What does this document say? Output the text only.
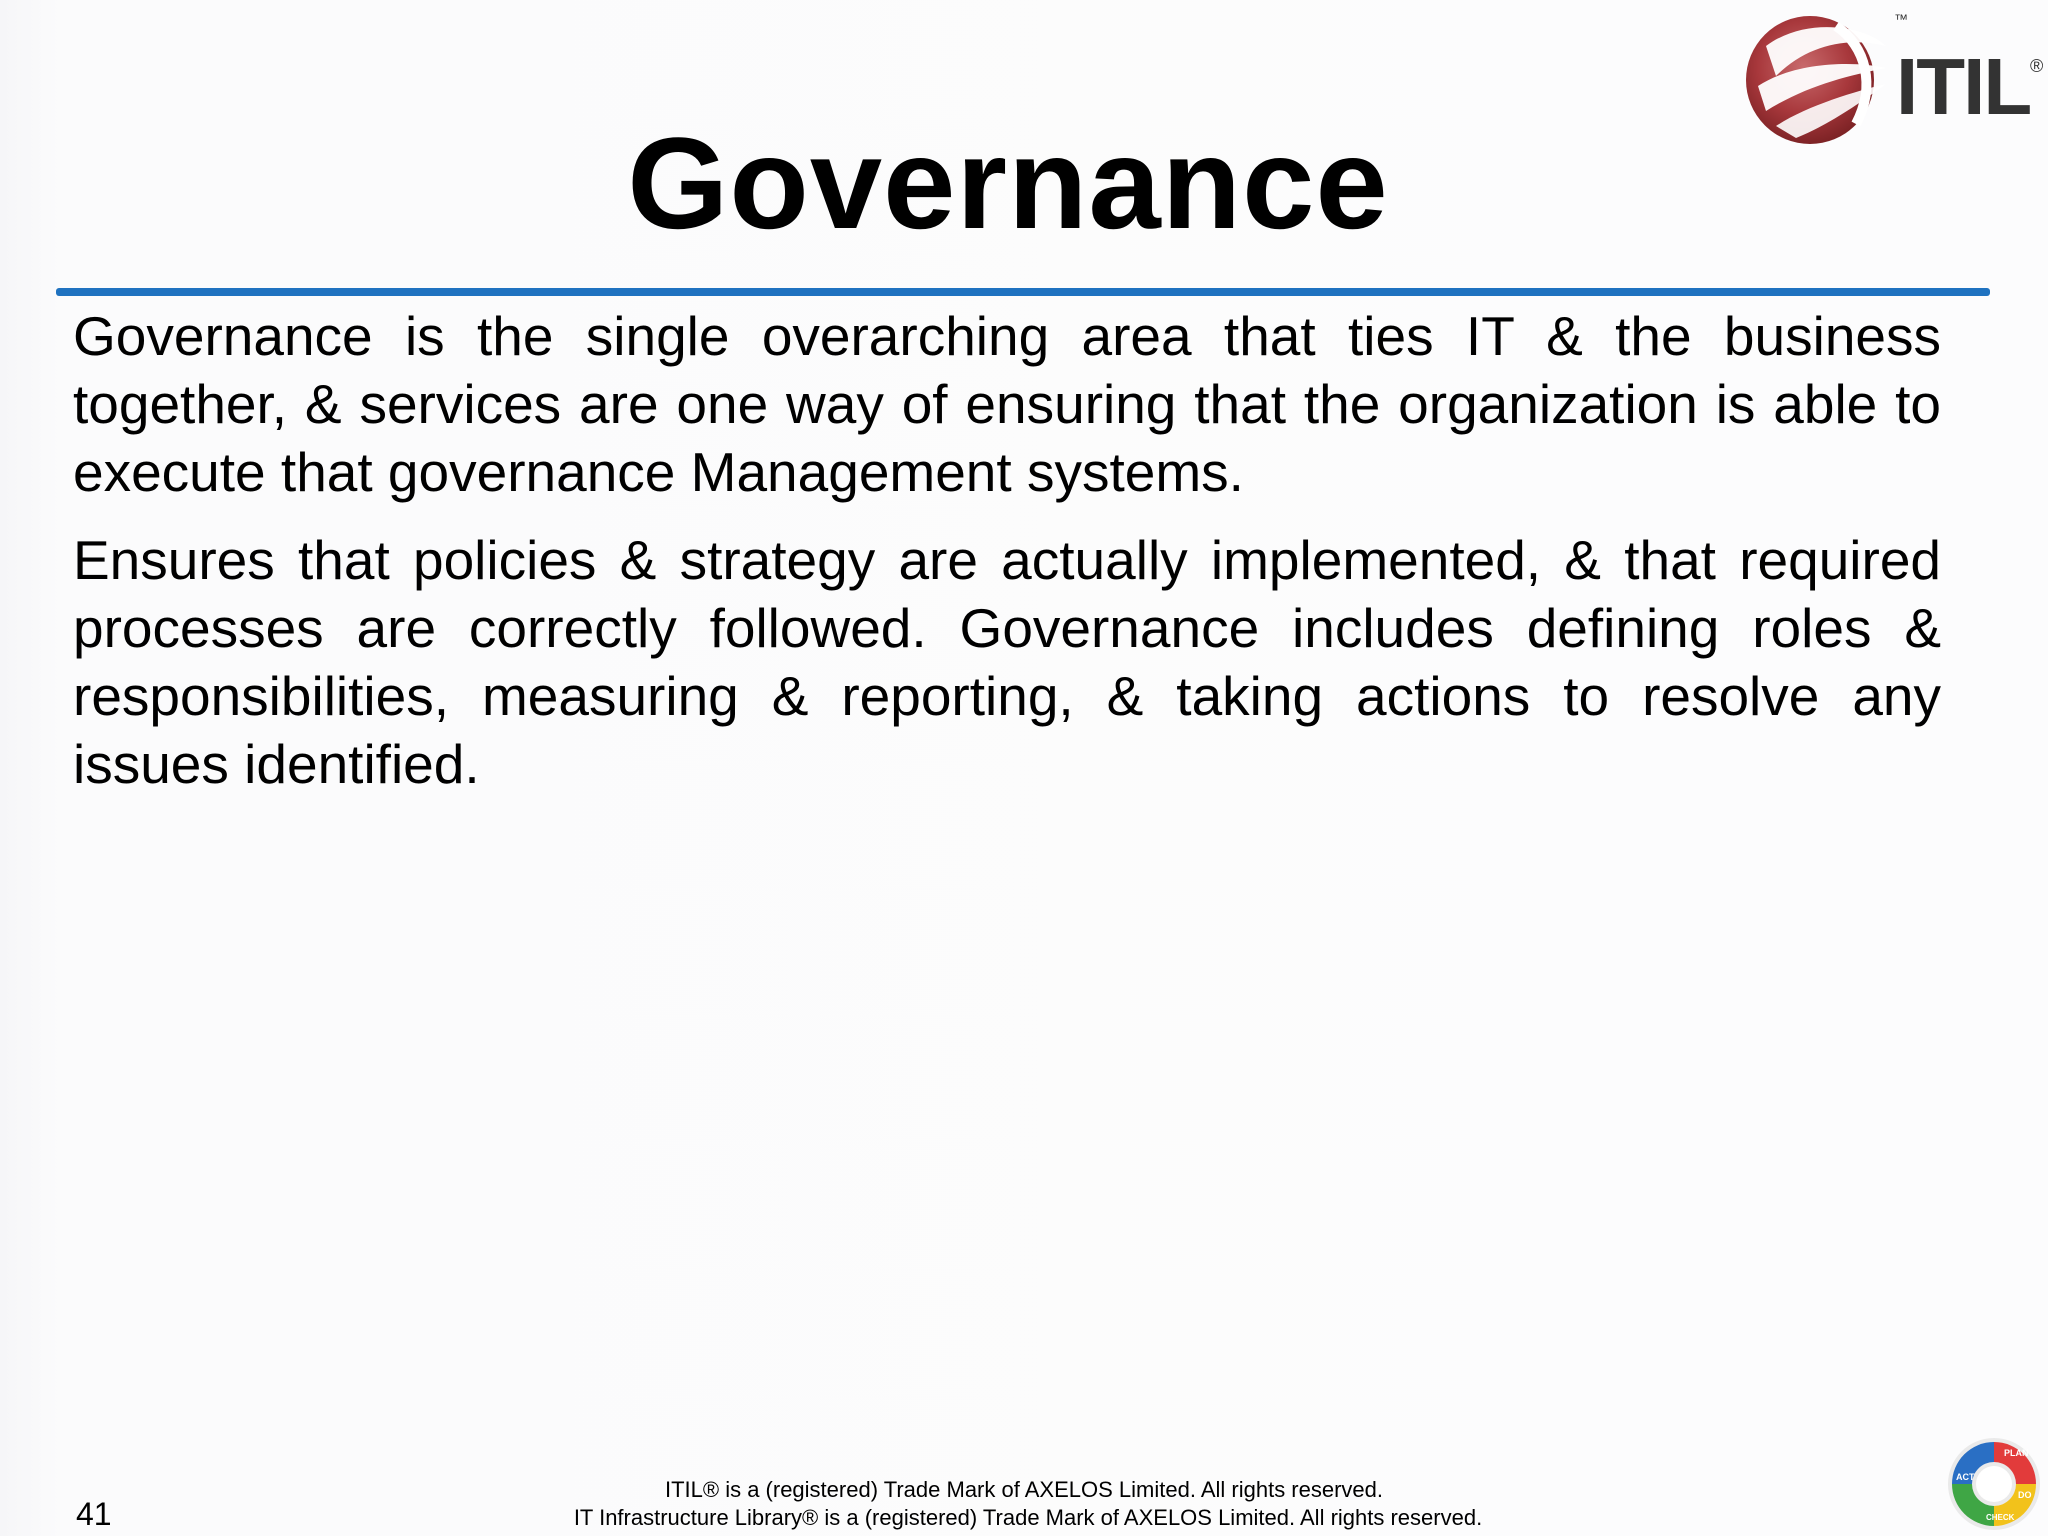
ITIL
™
®
Governance

Governance is the single overarching area that ties IT & the business together, & services are one way of ensuring that the organization is able to execute that governance Management systems.

Ensures that policies & strategy are actually implemented, & that required processes are correctly followed. Governance includes defining roles & responsibilities, measuring & reporting, & taking actions to resolve any issues identified.

41
ITIL® is a (registered) Trade Mark of AXELOS Limited. All rights reserved.
IT Infrastructure Library® is a (registered) Trade Mark of AXELOS Limited. All rights reserved.
PLAN
DO
CHECK
ACT
